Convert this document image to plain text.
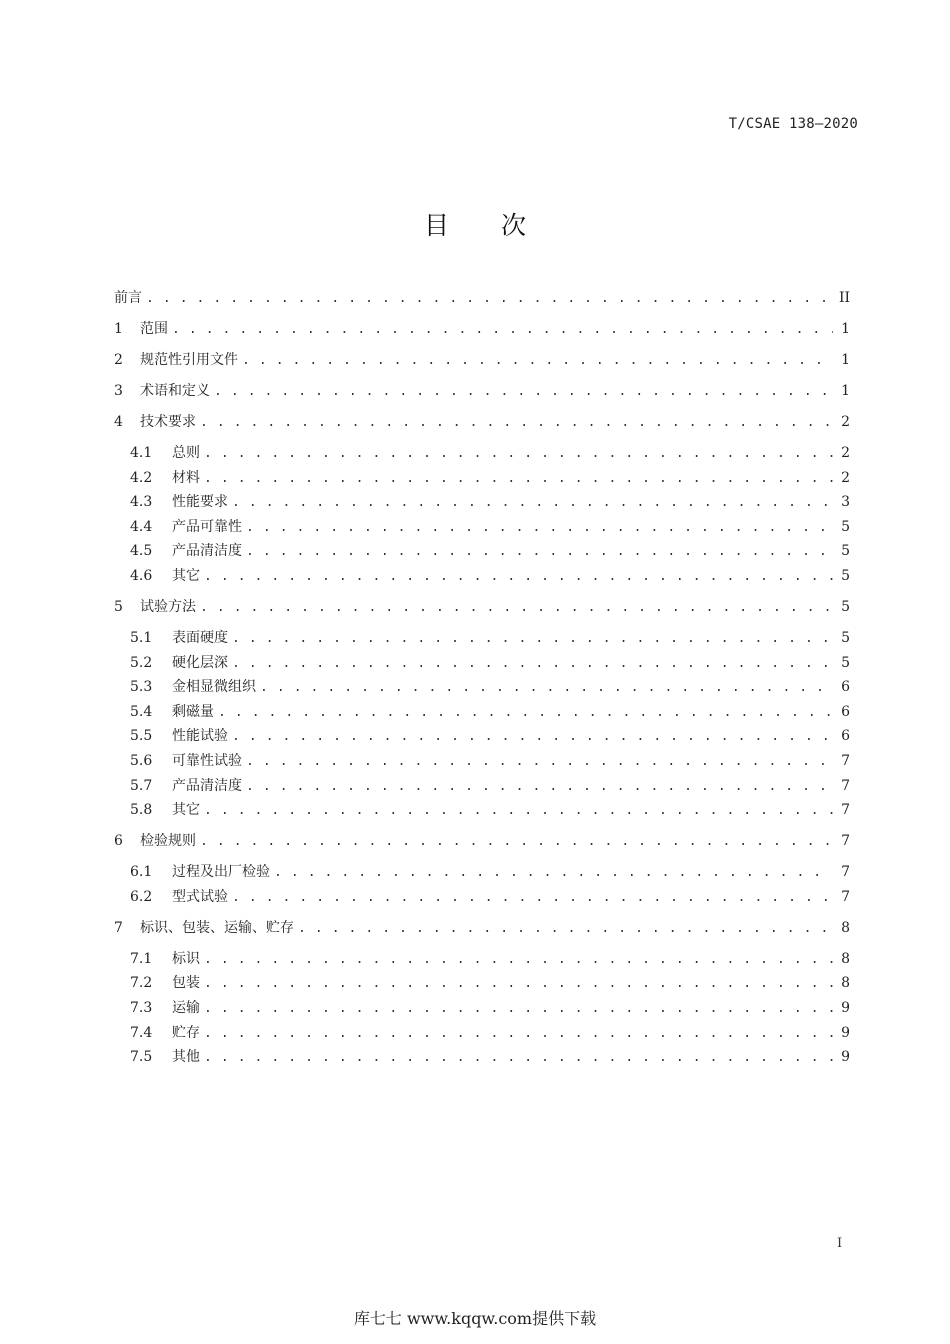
T/CSAE 138—2020
目 次
前言 . . .	II
1	范围 . . .	1
2	规范性引用文件 . . .	1
3	术语和定义 . . .	1
4	技术要求 . . .	2
4.1	总则 . . .	2
4.2	材料 . . .	2
4.3	性能要求 . . .	3
4.4	产品可靠性 . . .	5
4.5	产品清洁度 . . .	5
4.6	其它 . . .	5
5	试验方法 . . .	5
5.1	表面硬度 . . .	5
5.2	硬化层深 . . .	5
5.3	金相显微组织 . . .	6
5.4	剩磁量 . . .	6
5.5	性能试验 . . .	6
5.6	可靠性试验 . . .	7
5.7	产品清洁度 . . .	7
5.8	其它 . . .	7
6	检验规则 . . .	7
6.1	过程及出厂检验 . . .	7
6.2	型式试验 . . .	7
7	标识、包装、运输、贮存 . . .	8
7.1	标识 . . .	8
7.2	包装 . . .	8
7.3	运输 . . .	9
7.4	贮存 . . .	9
7.5	其他 . . .	9
I
库七七 www.kqqw.com提供下载
